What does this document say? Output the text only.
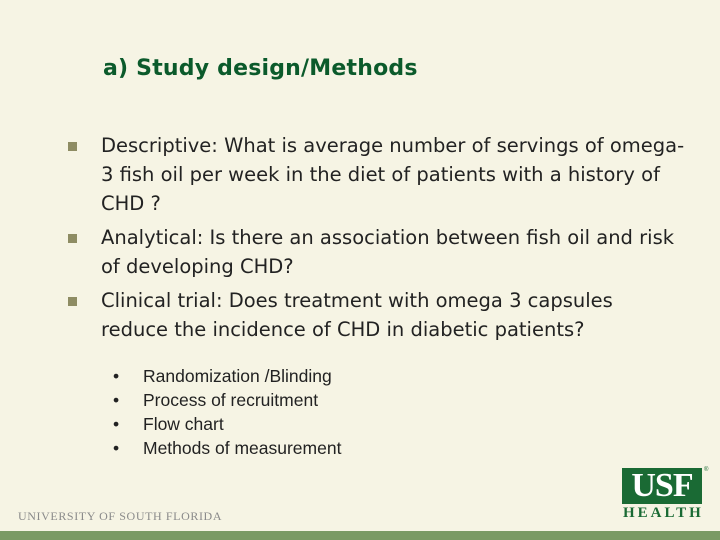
a) Study design/Methods
Descriptive: What is average number of servings of omega-3 fish oil per week in the diet of patients with a history of CHD ?
Analytical: Is there an association between fish oil and risk of developing CHD?
Clinical trial: Does treatment with omega 3 capsules reduce the incidence of CHD in diabetic patients?
• Randomization /Blinding
• Process of recruitment
• Flow chart
• Methods of measurement
UNIVERSITY OF SOUTH FLORIDA
USF ®
HEALTH
